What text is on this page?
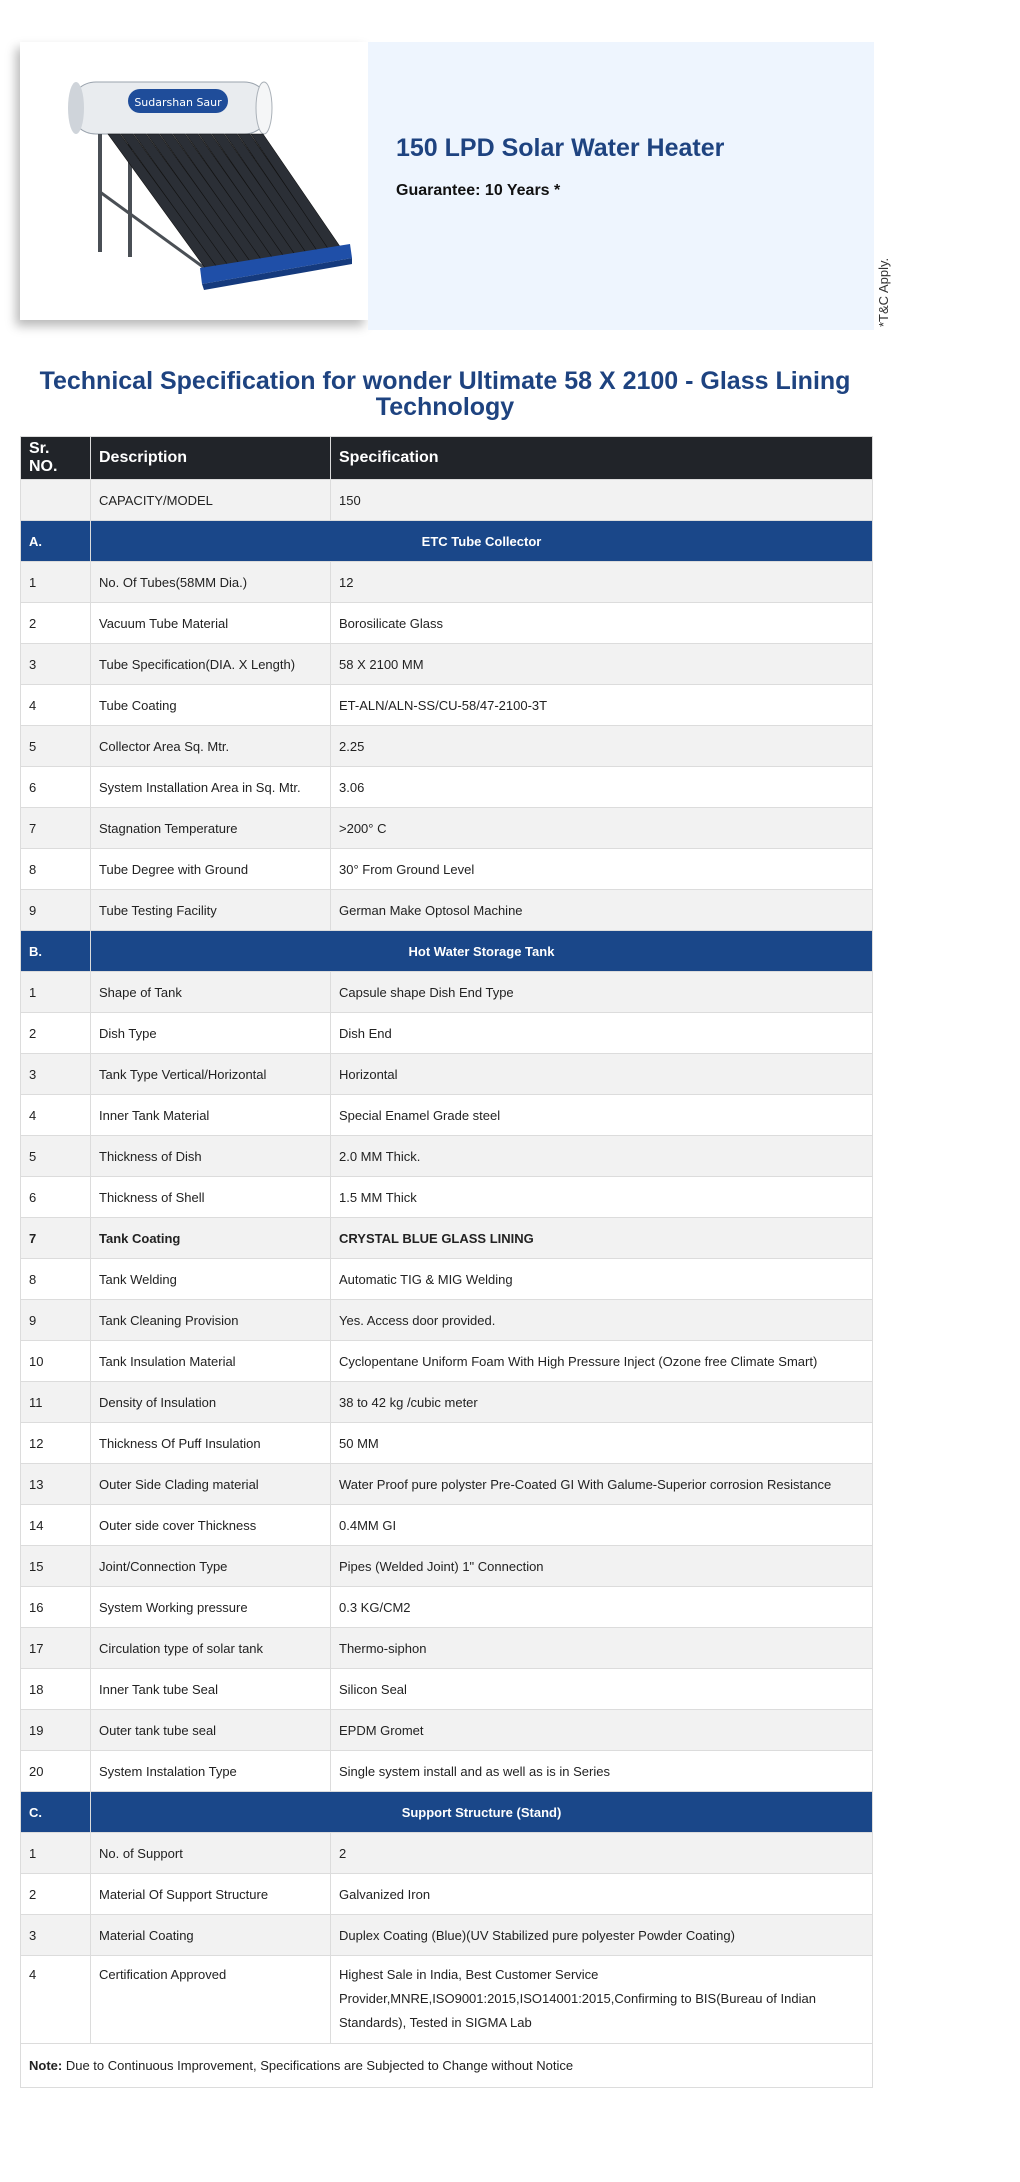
Sudarshan Saur
150 LPD Solar Water Heater
Guarantee: 10 Years *
*T&C Apply.
Technical Specification for wonder Ultimate 58 X 2100 - Glass Lining Technology
Sr. NO.	Description	Specification
	CAPACITY/MODEL	150
A.	ETC Tube Collector	
1	No. Of Tubes(58MM Dia.)	12
2	Vacuum Tube Material	Borosilicate Glass
3	Tube Specification(DIA. X Length)	58 X 2100 MM
4	Tube Coating	ET-ALN/ALN-SS/CU-58/47-2100-3T
5	Collector Area Sq. Mtr.	2.25
6	System Installation Area in Sq. Mtr.	3.06
7	Stagnation Temperature	>200° C
8	Tube Degree with Ground	30° From Ground Level
9	Tube Testing Facility	German Make Optosol Machine
B.	Hot Water Storage Tank	
1	Shape of Tank	Capsule shape Dish End Type
2	Dish Type	Dish End
3	Tank Type Vertical/Horizontal	Horizontal
4	Inner Tank Material	Special Enamel Grade steel
5	Thickness of Dish	2.0 MM Thick.
6	Thickness of Shell	1.5 MM Thick
7	Tank Coating	CRYSTAL BLUE GLASS LINING
8	Tank Welding	Automatic TIG & MIG Welding
9	Tank Cleaning Provision	Yes. Access door provided.
10	Tank Insulation Material	Cyclopentane Uniform Foam With High Pressure Inject (Ozone free Climate Smart)
11	Density of Insulation	38 to 42 kg /cubic meter
12	Thickness Of Puff Insulation	50 MM
13	Outer Side Clading material	Water Proof pure polyster Pre-Coated GI With Galume-Superior corrosion Resistance
14	Outer side cover Thickness	0.4MM GI
15	Joint/Connection Type	Pipes (Welded Joint) 1" Connection
16	System Working pressure	0.3 KG/CM2
17	Circulation type of solar tank	Thermo-siphon
18	Inner Tank tube Seal	Silicon Seal
19	Outer tank tube seal	EPDM Gromet
20	System Instalation Type	Single system install and as well as is in Series
C.	Support Structure (Stand)	
1	No. of Support	2
2	Material Of Support Structure	Galvanized Iron
3	Material Coating	Duplex Coating (Blue)(UV Stabilized pure polyester Powder Coating)
4	Certification Approved	Highest Sale in India, Best Customer Service Provider,MNRE,ISO9001:2015,ISO14001:2015,Confirming to BIS(Bureau of Indian Standards), Tested in SIGMA Lab
Note: Due to Continuous Improvement, Specifications are Subjected to Change without Notice		
